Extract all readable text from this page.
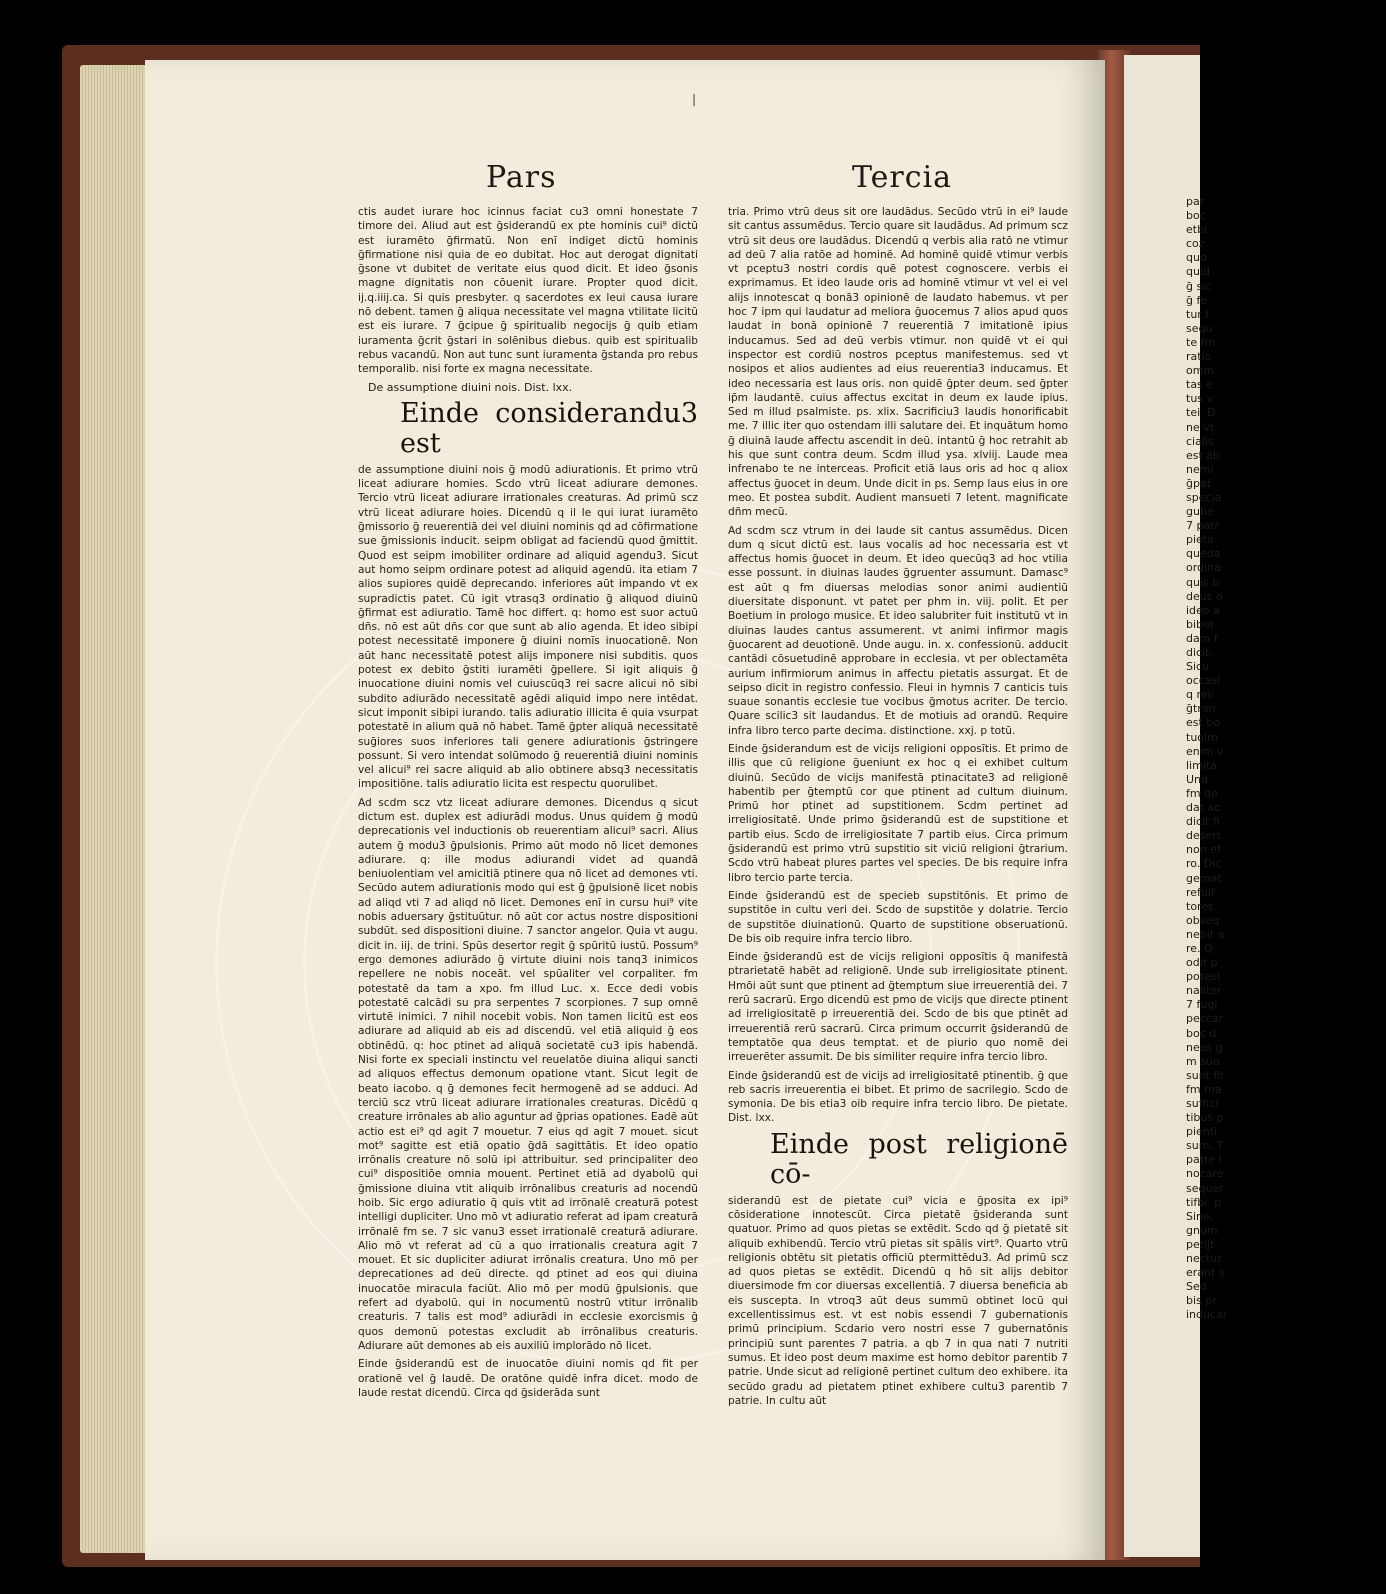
par
boc
etbi.
coz.
quo
quid
ḡ sic
ḡ fe
tur f
sequ
te fm
ratio
omm
tas e
tus v
tei. D
ne vt
cialis
est ali
nemi
ḡpat
specia
gube
7 patr
pieta
queda
ordina
quis b
deus o
ideo a
bibet
dam f
dicit.
Sicu
occasi
q reli
ḡtran
est bo
tuoim
enim v
limita
Und
fm de
dat ac
dicit fi
desert
non ef
ro. Dic
gemat
refuif
tores
obseq
nebit a
re. Q
odit p
potest
naliter
7 fugi
peccar
boc d
neos g
m suo
sunt fil
fm ma
suffici
tibus p
pienti
sum. T
patre l
nocare
sequer
tifbi. p
Sine.
gnum
petijt
nectur
erant s
Sed
bis pr
inducar
|
Pars	Tercia

ctis audet iurare hoc icinnus faciat cu3 omni honestate 7 timore dei. Aliud aut est ḡsiderandū ex pte hominis cui⁹ dictū est iuramēto ḡfirmatū. Non enī indiget dictū hominis ḡfirmatione nisi quia de eo dubitat. Hoc aut derogat dignitati ḡsone vt dubitet de veritate eius quod dicit. Et ideo ḡsonis magne dignitatis non cōuenit iurare. Propter quod dicit. ij.q.iiij.ca. Si quis presbyter. q sacerdotes ex leui causa iurare nō debent. tamen ḡ aliqua necessitate vel magna vtilitate licitū est eis iurare. 7 ḡcipue ḡ spiritualib negocijs ḡ quib etiam iuramenta ḡcrit ḡstari in solēnibus diebus. quib est spiritualib rebus vacandū. Non aut tunc sunt iuramenta ḡstanda pro rebus temporalib. nisi forte ex magna necessitate.

De assumptione diuini nois. Dist. lxx.
Einde considerandu3 est

de assumptione diuini nois ḡ modū adiurationis. Et primo vtrū liceat adiurare homies. Scdo vtrū liceat adiurare demones. Tercio vtrū liceat adiurare irrationales creaturas. Ad primū scz vtrū liceat adiurare hoies. Dicendū q il le qui iurat iuramēto ḡmissorio ḡ reuerentiā dei vel diuini nominis qd ad cōfirmatione sue ḡmissionis inducit. seipm obligat ad faciendū quod ḡmittit. Quod est seipm imobiliter ordinare ad aliquid agendu3. Sicut aut homo seipm ordinare potest ad aliquid agendū. ita etiam 7 alios supiores quidē deprecando. inferiores aūt impando vt ex supradictis patet. Cū igit vtrasq3 ordinatio ḡ aliquod diuinū ḡfirmat est adiuratio. Tamē hoc differt. q: homo est suor actuū dñs. nō est aūt dñs cor que sunt ab alio agenda. Et ideo sibipi potest necessitatē imponere ḡ diuini nomīs inuocationē. Non aūt hanc necessitatē potest alijs imponere nisi subditis. quos potest ex debito ḡstiti iuramēti ḡpellere. Si igit aliquis ḡ inuocatione diuini nomis vel cuiuscūq3 rei sacre alicui nō sibi subdito adiurādo necessitatē agēdi aliquid impo nere intēdat. sicut imponit sibipi iurando. talis adiuratio illicita ē quia vsurpat potestatē in alium quā nō habet. Tamē ḡpter aliquā necessitatē suḡiores suos inferiores tali genere adiurationis ḡstringere possunt. Si vero intendat solūmodo ḡ reuerentiā diuini nominis vel alicui⁹ rei sacre aliquid ab alio obtinere absq3 necessitatis impositiōne. talis adiuratio licita est respectu quorulibet.

Ad scdm scz vtz liceat adiurare demones. Dicendus q sicut dictum est. duplex est adiurādi modus. Unus quidem ḡ modū deprecationis vel inductionis ob reuerentiam alicui⁹ sacri. Alius autem ḡ modu3 ḡpulsionis. Primo aūt modo nō licet demones adiurare. q: ille modus adiurandi videt ad quandā beniuolentiam vel amicitiā ptinere qua nō licet ad demones vti. Secūdo autem adiurationis modo qui est ḡ ḡpulsionē licet nobis ad aliqd vti 7 ad aliqd nō licet. Demones enī in cursu hui⁹ vite nobis aduersary ḡstituūtur. nō aūt cor actus nostre dispositioni subdūt. sed dispositioni diuine. 7 sanctor angelor. Quia vt augu. dicit in. iij. de trini. Spūs desertor regit ḡ spūritū iustū. Possum⁹ ergo demones adiurādo ḡ virtute diuini nois tanq3 inimicos repellere ne nobis noceāt. vel spūaliter vel corpaliter. fm potestatē da tam a xpo. fm illud Luc. x. Ecce dedi vobis potestatē calcādi su pra serpentes 7 scorpiones. 7 sup omnē virtutē inimici. 7 nihil nocebit vobis. Non tamen licitū est eos adiurare ad aliquid ab eis ad discendū. vel etiā aliquid ḡ eos obtinēdū. q: hoc ptinet ad aliquā societatē cu3 ipis habendā. Nisi forte ex speciali instinctu vel reuelatōe diuina aliqui sancti ad aliquos effectus demonum opatione vtant. Sicut legit de beato iacobo. q ḡ demones fecit hermogenē ad se adduci. Ad terciū scz vtrū liceat adiurare irrationales creaturas. Dicēdū q creature irrōnales ab alio aguntur ad ḡprias opationes. Eadē aūt actio est ei⁹ qd agit 7 mouetur. 7 eius qd agit 7 mouet. sicut mot⁹ sagitte est etiā opatio ḡdā sagittātis. Et ideo opatio irrōnalis creature nō solū ipi attribuitur. sed principaliter deo cui⁹ dispositiōe omnia mouent. Pertinet etiā ad dyabolū qui ḡmissione diuina vtit aliquib irrōnalibus creaturis ad nocendū hoib. Sic ergo adiuratio q̄ quis vtit ad irrōnalē creaturā potest intelligi dupliciter. Uno mō vt adiuratio referat ad ipam creaturā irrōnalē fm se. 7 sic vanu3 esset irrationalē creaturā adiurare. Alio mō vt referat ad cū a quo irrationalis creatura agit 7 mouet. Et sic dupliciter adiurat irrōnalis creatura. Uno mō per deprecationes ad deū directe. qd ptinet ad eos qui diuina inuocatōe miracula faciūt. Alio mō per modū ḡpulsionis. que refert ad dyabolū. qui in nocumentū nostrū vtitur irrōnalib creaturis. 7 talis est mod⁹ adiurādi in ecclesie exorcismis ḡ quos demonū potestas excludit ab irrōnalibus creaturis. Adiurare aūt demones ab eis auxiliū implorādo nō licet.

Einde ḡsiderandū est de inuocatōe diuini nomis qd fit per orationē vel ḡ laudē. De oratōne quidē infra dicet. modo de laude restat dicendū. Circa qd ḡsiderāda sunt

tria. Primo vtrū deus sit ore laudādus. Secūdo vtrū in ei⁹ laude sit cantus assumēdus. Tercio quare sit laudādus. Ad primum scz vtrū sit deus ore laudādus. Dicendū q verbis alia ratō ne vtimur ad deū 7 alia ratōe ad hominē. Ad hominē quidē vtimur verbis vt pceptu3 nostri cordis quē potest cognoscere. verbis ei exprimamus. Et ideo laude oris ad hominē vtimur vt vel ei vel alijs innotescat q bonā3 opinionē de laudato habemus. vt per hoc 7 ipm qui laudatur ad meliora ḡuocemus 7 alios apud quos laudat in bonā opinionē 7 reuerentiā 7 imitationē ipius inducamus. Sed ad deū verbis vtimur. non quidē vt ei qui inspector est cordiū nostros pceptus manifestemus. sed vt nosipos et alios audientes ad eius reuerentia3 inducamus. Et ideo necessaria est laus oris. non quidē ḡpter deum. sed ḡpter ip̄m laudantē. cuius affectus excitat in deum ex laude ipius. Sed m illud psalmiste. ps. xlix. Sacrificiu3 laudis honorificabit me. 7 illic iter quo ostendam illi salutare dei. Et inquātum homo ḡ diuinā laude affectu ascendit in deū. intantū ḡ hoc retrahit ab his que sunt contra deum. Scdm illud ysa. xlviij. Laude mea infrenabo te ne interceas. Proficit etiā laus oris ad hoc q aliox affectus ḡuocet in deum. Unde dicit in ps. Semp laus eius in ore meo. Et postea subdit. Audient mansueti 7 letent. magnificate dñm mecū.

Ad scdm scz vtrum in dei laude sit cantus assumēdus. Dicen dum q sicut dictū est. laus vocalis ad hoc necessaria est vt affectus homis ḡuocet in deum. Et ideo quecūq3 ad hoc vtilia esse possunt. in diuinas laudes ḡgruenter assumunt. Damasc⁹ est aūt q fm diuersas melodias sonor animi audientiū diuersitate disponunt. vt patet per phm in. viij. polit. Et per Boetium in prologo musice. Et ideo salubriter fuit institutū vt in diuinas laudes cantus assumerent. vt animi infirmor magis ḡuocarent ad deuotionē. Unde augu. in. x. confessionū. adducit cantādi cōsuetudinē approbare in ecclesia. vt per oblectamēta aurium infirmiorum animus in affectu pietatis assurgat. Et de seipso dicit in registro confessio. Fleui in hymnis 7 canticis tuis suaue sonantis ecclesie tue vocibus ḡmotus acriter. De tercio. Quare scilic3 sit laudandus. Et de motiuis ad orandū. Require infra libro terco parte decima. distinctione. xxj. p totū.

Einde ḡsiderandum est de vicijs religioni opposītis. Et primo de illis que cū religione ḡueniunt ex hoc q ei exhibet cultum diuinū. Secūdo de vicijs manifestā ptinacitate3 ad religionē habentib per ḡtemptū cor que ptinent ad cultum diuinum. Primū hor ptinet ad supstitionem. Scdm pertinet ad irreligiositatē. Unde primo ḡsiderandū est de supstitione et partib eius. Scdo de irreligiositate 7 partib eius. Circa primum ḡsiderandū est primo vtrū supstitio sit viciū religioni ḡtrarium. Scdo vtrū habeat plures partes vel species. De bis require infra libro tercio parte tercia.

Einde ḡsiderandū est de specieb supstitōnis. Et primo de supstitōe in cultu veri dei. Scdo de supstitōe y dolatrie. Tercio de supstitōe diuinationū. Quarto de supstitione obseruationū. De bis oib require infra tercio libro.

Einde ḡsiderandū est de vicijs religioni opposītis q̄ manifestā ptrarietatē habēt ad religionē. Unde sub irreligiositate ptinent. Hmōi aūt sunt que ptinent ad ḡtemptum siue irreuerentiā dei. 7 rerū sacrarū. Ergo dicendū est pmo de vicijs que directe ptinent ad irreligiositatē p irreuerentiā dei. Scdo de bis que ptinēt ad irreuerentiā rerū sacrarū. Circa primum occurrit ḡsiderandū de temptatōe qua deus temptat. et de piurio quo nomē dei irreuerēter assumit. De bis similiter require infra tercio libro.

Einde ḡsiderandū est de vicijs ad irreligiositatē ptinentib. ḡ que reb sacris irreuerentia ei bibet. Et primo de sacrilegio. Scdo de symonia. De bis etia3 oib require infra tercio libro. De pietate. Dist. lxx.

Einde post religionē cō-

siderandū est de pietate cui⁹ vicia e ḡposita ex ipi⁹ cōsideratione innotescūt. Circa pietatē ḡsideranda sunt quatuor. Primo ad quos pietas se extēdit. Scdo qd ḡ pietatē sit aliquib exhibendū. Tercio vtrū pietas sit spālis virt⁹. Quarto vtrū religionis obtētu sit pietatis officiū ptermittēdu3. Ad primū scz ad quos pietas se extēdit. Dicendū q hō sit alijs debitor diuersimode fm cor diuersas excellentiā. 7 diuersa beneficia ab eis suscepta. In vtroq3 aūt deus summū obtinet locū qui excellentissimus est. vt est nobis essendi 7 gubernationis primū principium. Scdario vero nostri esse 7 gubernatōnis principiū sunt parentes 7 patria. a qb 7 in qua nati 7 nutriti sumus. Et ideo post deum maxime est homo debitor parentib 7 patrie. Unde sicut ad religionē pertinet cultum deo exhibere. ita secūdo gradu ad pietatem ptinet exhibere cultu3 parentib 7 patrie. In cultu aūt
